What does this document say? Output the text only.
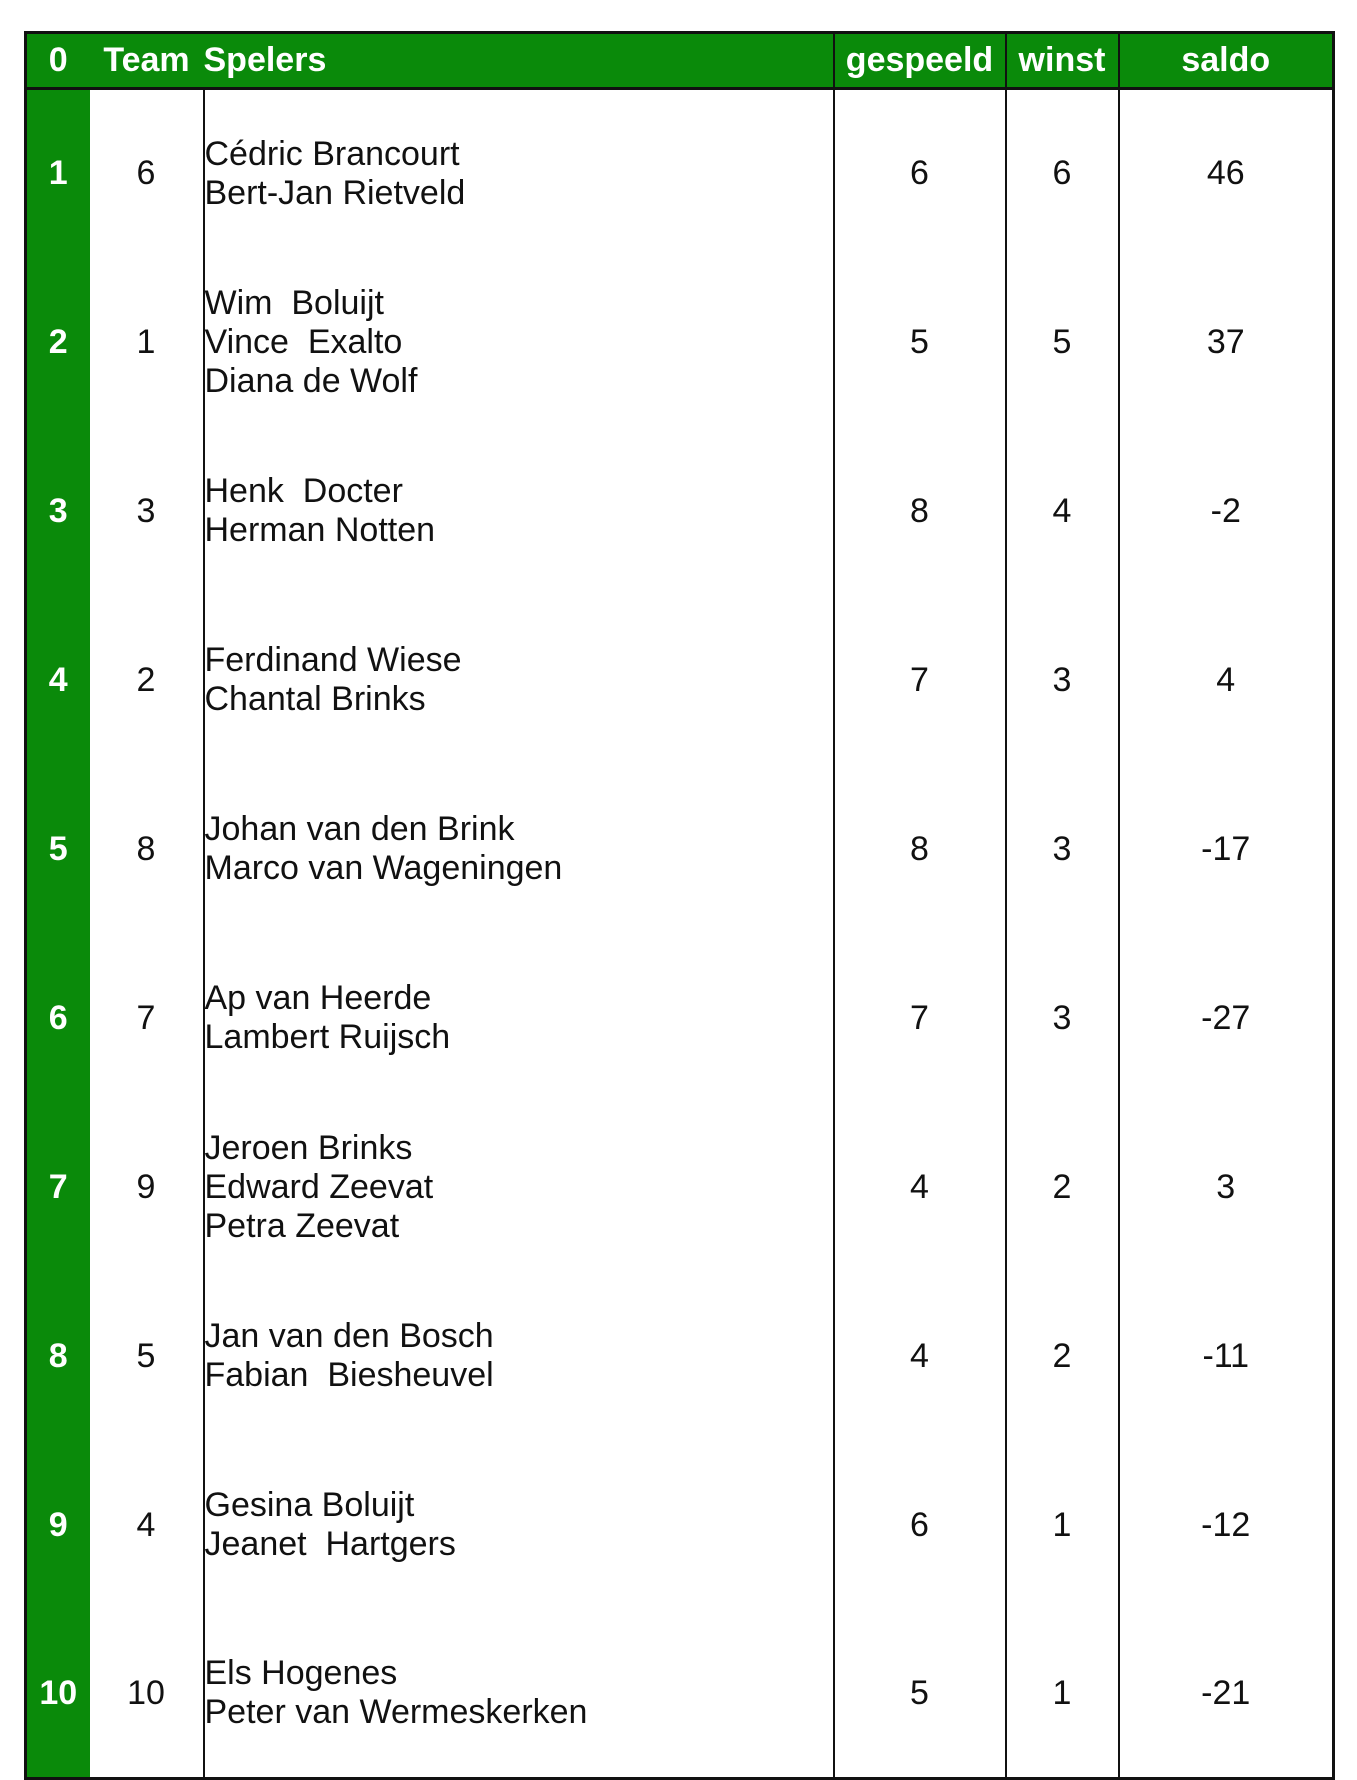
0	Team	Spelers	gespeeld	winst	saldo
1	6	Cédric Brancourt
Bert-Jan Rietveld	6	6	46
2	1	Wim  Boluijt
Vince  Exalto
Diana de Wolf	5	5	37
3	3	Henk  Docter
Herman Notten	8	4	-2
4	2	Ferdinand Wiese
Chantal Brinks	7	3	4
5	8	Johan van den Brink
Marco van Wageningen	8	3	-17
6	7	Ap van Heerde
Lambert Ruijsch	7	3	-27
7	9	Jeroen Brinks
Edward Zeevat
Petra Zeevat	4	2	3
8	5	Jan van den Bosch
Fabian  Biesheuvel	4	2	-11
9	4	Gesina Boluijt
Jeanet  Hartgers	6	1	-12
10	10	Els Hogenes
Peter van Wermeskerken	5	1	-21
